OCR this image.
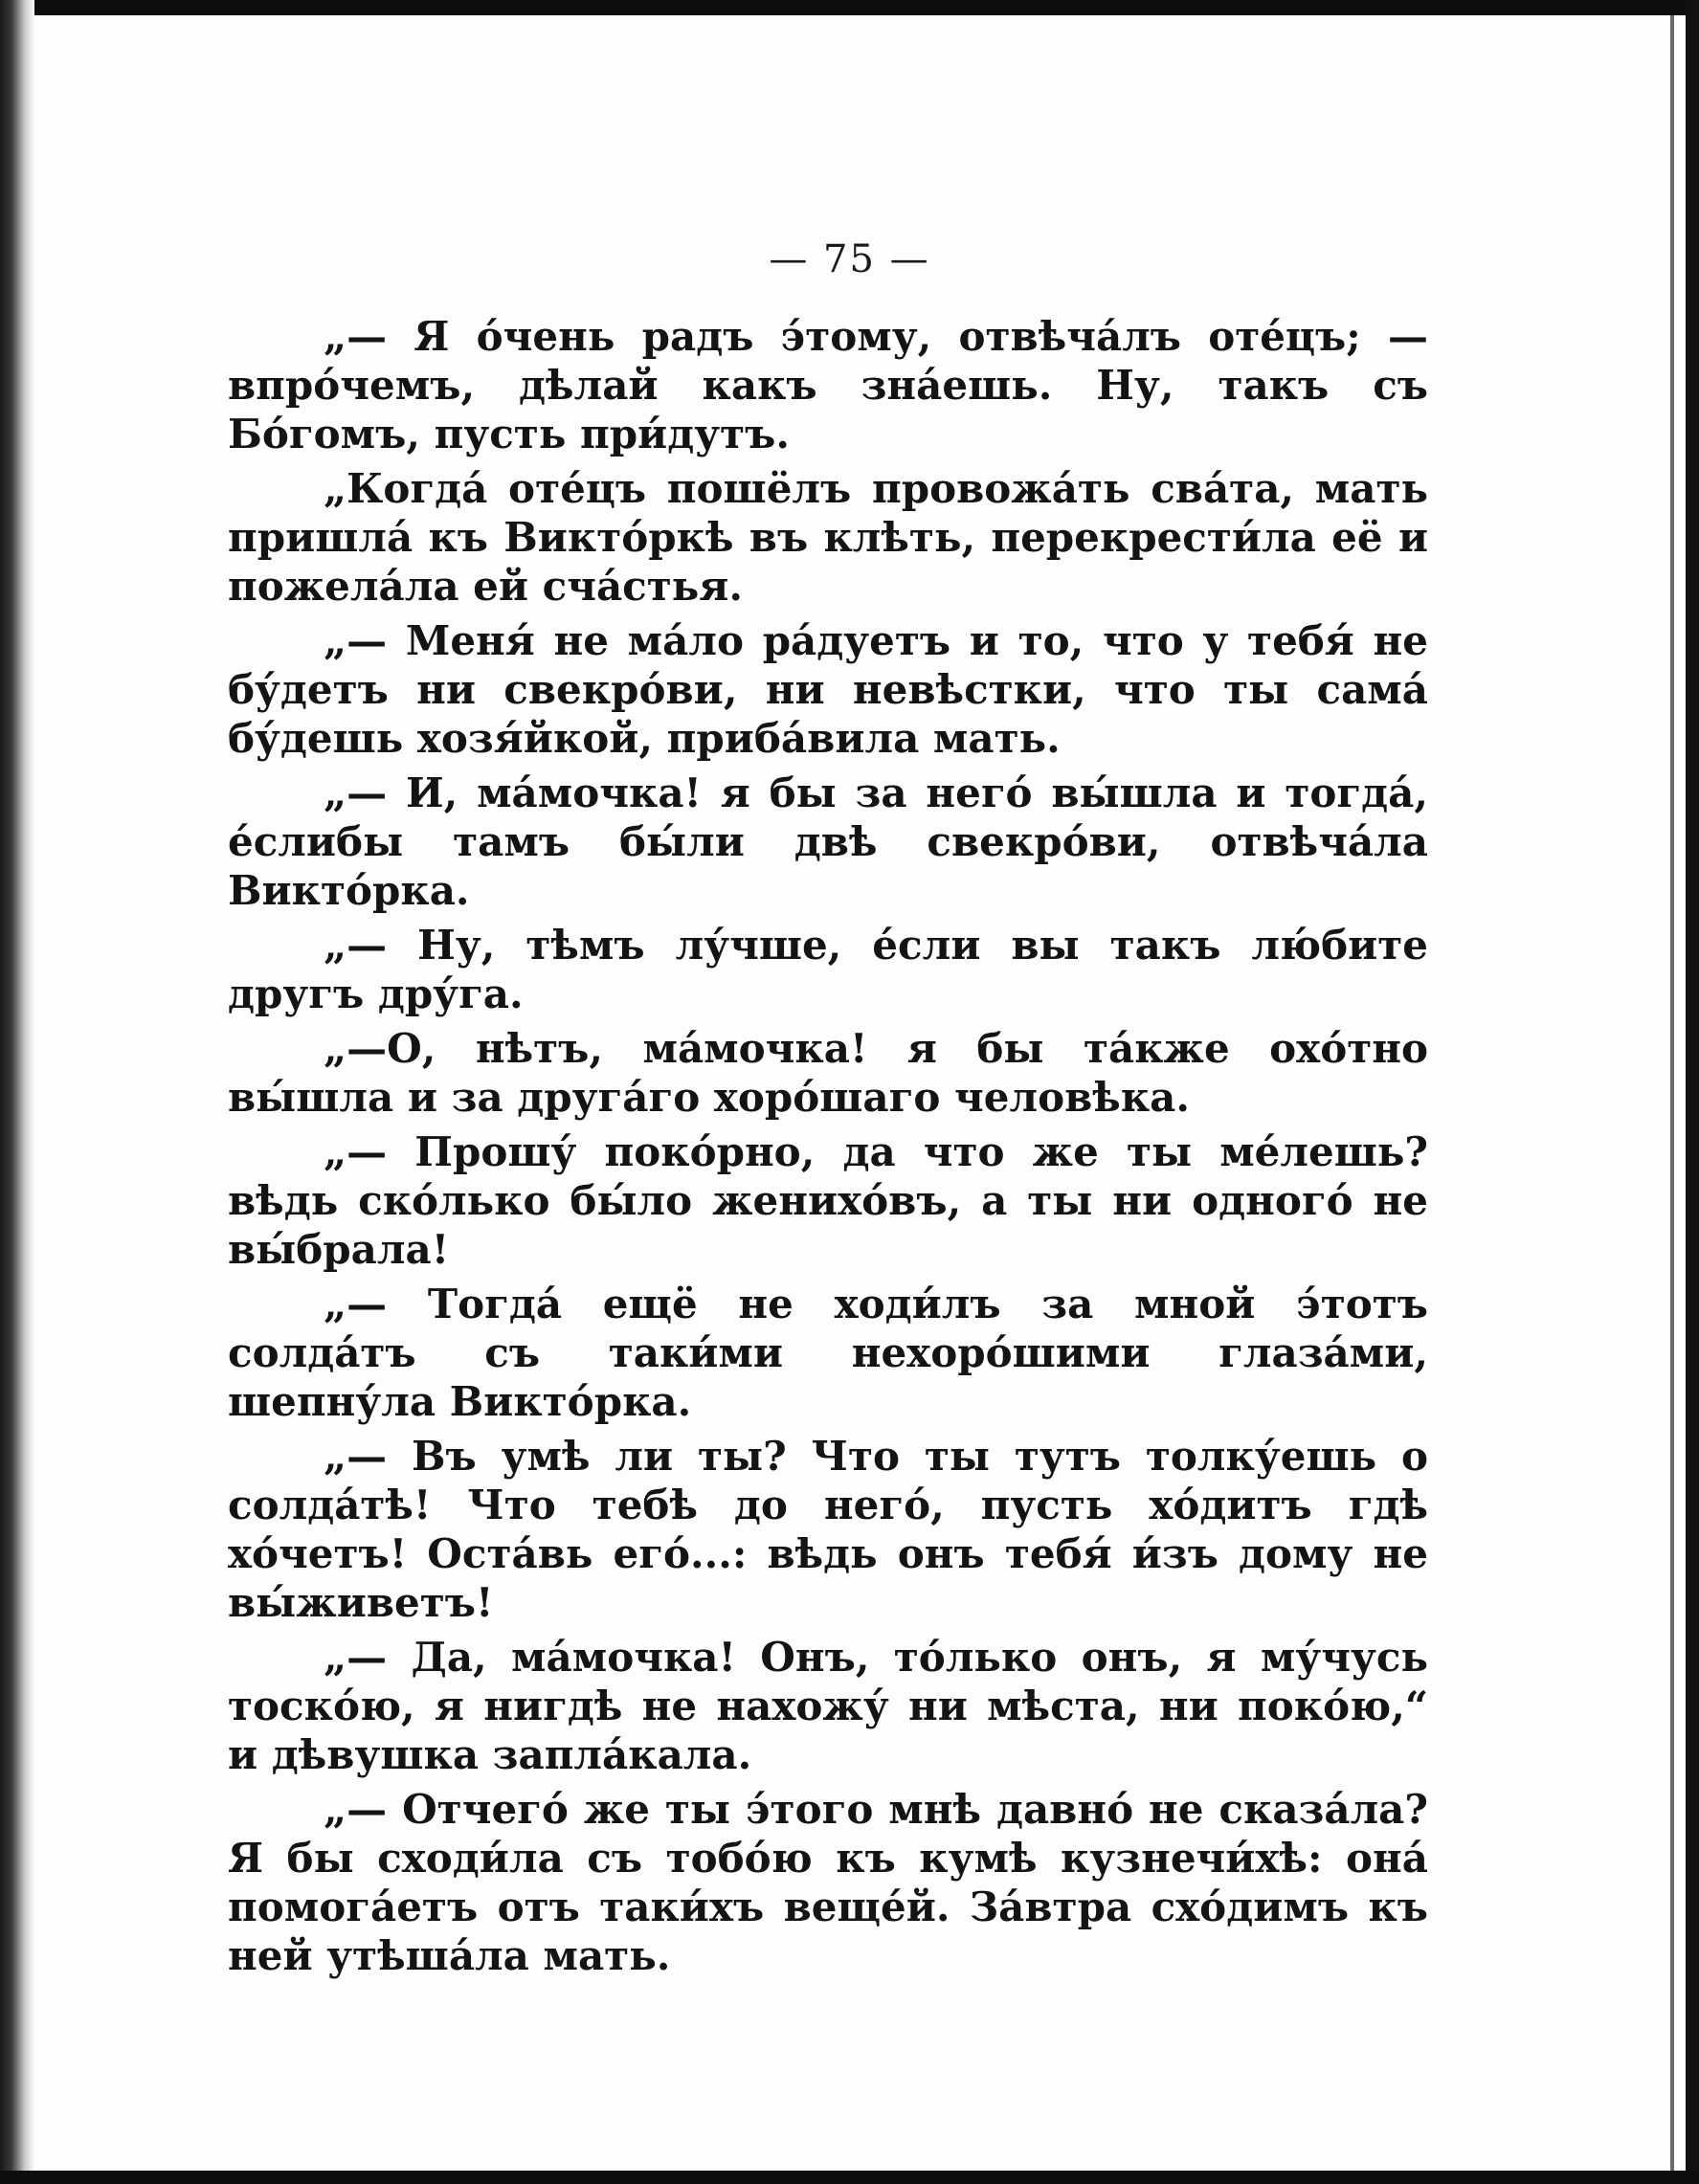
— 75 —

„— Я о́чень радъ э́тому, отвѣча́лъ оте́цъ; — впро́чемъ, дѣлай какъ зна́ешь. Ну, такъ съ Бо́гомъ, пусть при́дутъ.

„Когда́ оте́цъ пошёлъ провожа́ть сва́та, мать пришла́ къ Викто́ркѣ въ клѣть, перекрести́ла её и пожела́ла ей сча́стья.

„— Меня́ не ма́ло ра́дуетъ и то, что у тебя́ не бу́детъ ни свекро́ви, ни невѣстки, что ты сама́ бу́дешь хозя́йкой, приба́вила мать.

„— И, ма́мочка! я бы за него́ вы́шла и тогда́, е́слибы тамъ бы́ли двѣ свекро́ви, отвѣча́ла Викто́рка.

„— Ну, тѣмъ лу́чше, е́сли вы такъ лю́бите другъ дру́га.

„—О, нѣтъ, ма́мочка! я бы та́кже охо́тно вы́шла и за друга́го хоро́шаго человѣка.

„— Прошу́ поко́рно, да что же ты ме́лешь? вѣдь ско́лько бы́ло жениxо́въ, а ты ни одного́ не вы́брала!

„— Тогда́ ещё не ходи́лъ за мной э́тотъ солда́тъ съ таки́ми нехоро́шими глаза́ми, шепну́ла Викто́рка.

„— Въ умѣ ли ты? Что ты тутъ толку́ешь о солда́тѣ! Что тебѣ до него́, пусть хо́дитъ гдѣ хо́четъ! Оста́вь его́...: вѣдь онъ тебя́ и́зъ дому не вы́живетъ!

„— Да, ма́мочка! Онъ, то́лько онъ, я му́чусь тоско́ю, я нигдѣ не нахожу́ ни мѣста, ни поко́ю,“ и дѣвушка запла́кала.

„— Отчего́ же ты э́того мнѣ давно́ не сказа́ла? Я бы сходи́ла съ тобо́ю къ кумѣ кузнечи́хѣ: она́ помога́етъ отъ таки́хъ веще́й. За́втра схо́димъ къ ней утѣша́ла мать.
